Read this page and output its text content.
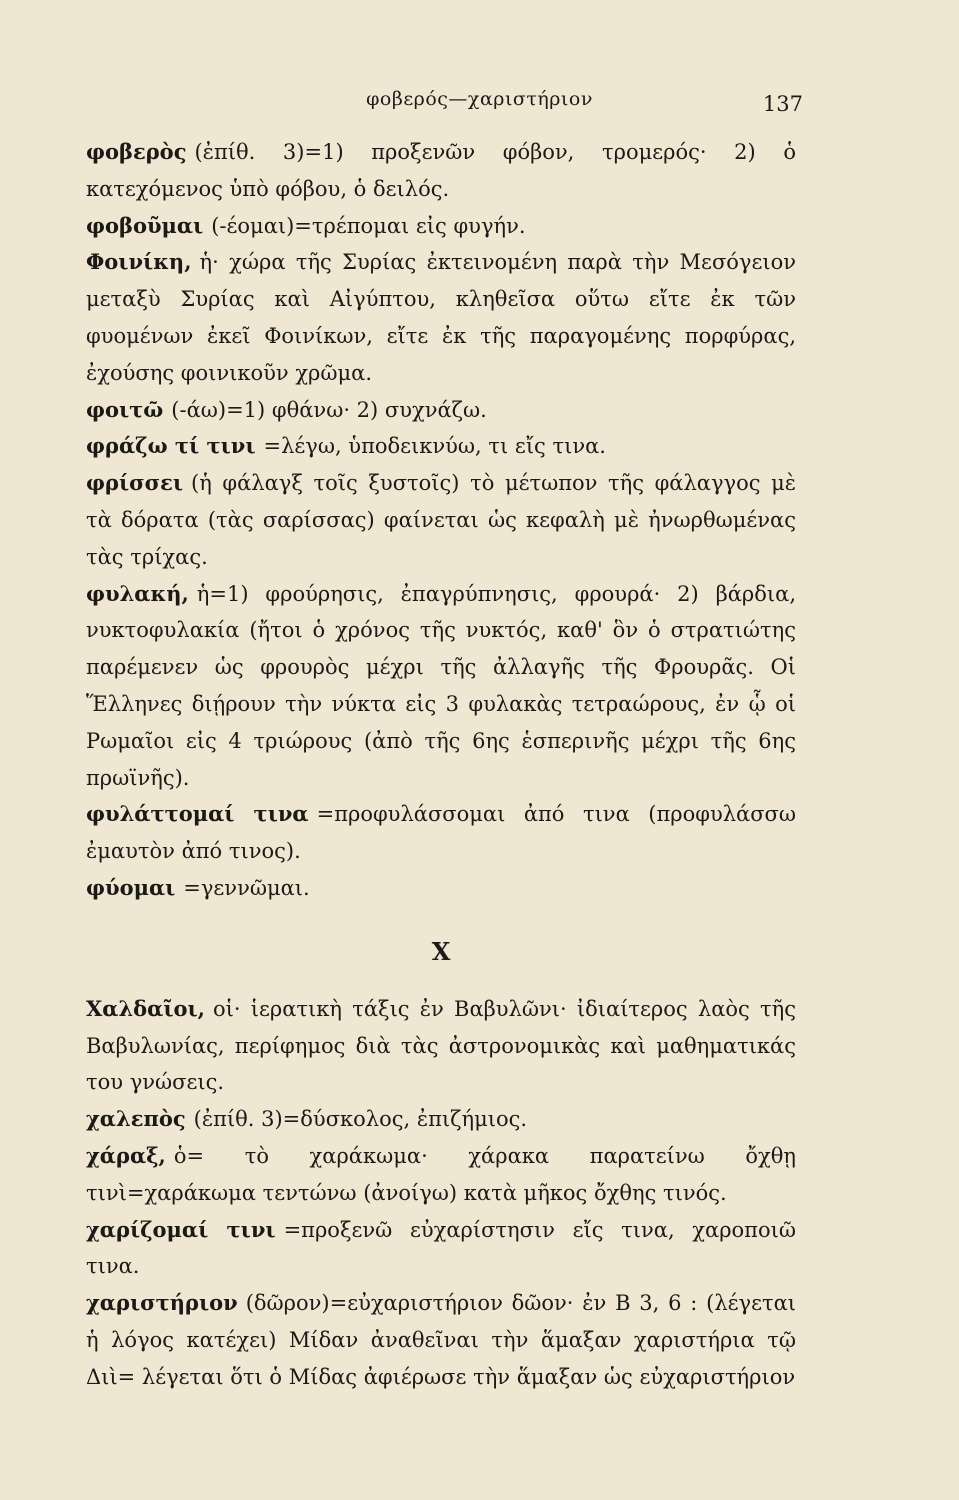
φοβερός—χαριστήριον	137

φοβερὸς (ἐπίθ. 3)=1) προξενῶν φόβον, τρομερός· 2) ὁ κατεχόμενος ὑπὸ φόβου, ὁ δειλός.

φοβοῦμαι (-έομαι)=τρέπομαι εἰς φυγήν.

Φοινίκη, ἡ· χώρα τῆς Συρίας ἐκτεινομένη παρὰ τὴν Μεσόγειον μεταξὺ Συρίας καὶ Αἰγύπτου, κληθεῖσα οὕτω εἴτε ἐκ τῶν φυομένων ἐκεῖ Φοινίκων, εἴτε ἐκ τῆς παραγομένης πορφύρας, ἐχούσης φοινικοῦν χρῶμα.

φοιτῶ (-άω)=1) φθάνω· 2) συχνάζω.

φράζω τί τινι =λέγω, ὑποδεικνύω, τι εἴς τινα.

φρίσσει (ἡ φάλαγξ τοῖς ξυστοῖς) τὸ μέτωπον τῆς φάλαγγος μὲ τὰ δόρατα (τὰς σαρίσσας) φαίνεται ὡς κεφαλὴ μὲ ἠνωρθωμένας τὰς τρίχας.

φυλακή, ἡ=1) φρούρησις, ἐπαγρύπνησις, φρουρά· 2) βάρδια, νυκτοφυλακία (ἤτοι ὁ χρόνος τῆς νυκτός, καθ' ὃν ὁ στρατιώτης παρέμενεν ὡς φρουρὸς μέχρι τῆς ἀλλαγῆς τῆς Φρουρᾶς. Οἱ Ἕλληνες διῄρουν τὴν νύκτα εἰς 3 φυλακὰς τετραώρους, ἐν ᾧ οἱ Ρωμαῖοι εἰς 4 τριώρους (ἀπὸ τῆς 6ης ἑσπερινῆς μέχρι τῆς 6ης πρωϊνῆς).

φυλάττομαί τινα =προφυλάσσομαι ἀπό τινα (προφυλάσσω ἐμαυτὸν ἀπό τινος).

φύομαι =γεννῶμαι.

X

Χαλδαῖοι, οἱ· ἱερατικὴ τάξις ἐν Βαβυλῶνι· ἰδιαίτερος λαὸς τῆς Βαβυλωνίας, περίφημος διὰ τὰς ἀστρονομικὰς καὶ μαθηματικάς του γνώσεις.

χαλεπὸς (ἐπίθ. 3)=δύσκολος, ἐπιζήμιος.

χάραξ, ὁ= τὸ χαράκωμα· χάρακα παρατείνω ὄχθῃ τινὶ=χαράκωμα τεντώνω (ἀνοίγω) κατὰ μῆκος ὄχθης τινός.

χαρίζομαί τινι =προξενῶ εὐχαρίστησιν εἴς τινα, χαροποιῶ τινα.

χαριστήριον (δῶρον)=εὐχαριστήριον δῶον· ἐν Β 3, 6 : (λέγεται ἡ λόγος κατέχει) Μίδαν ἀναθεῖναι τὴν ἅμαξαν χαριστήρια τῷ Διὶ= λέγεται ὅτι ὁ Μίδας ἀφιέρωσε τὴν ἅμαξαν ὡς εὐχαριστήριον
